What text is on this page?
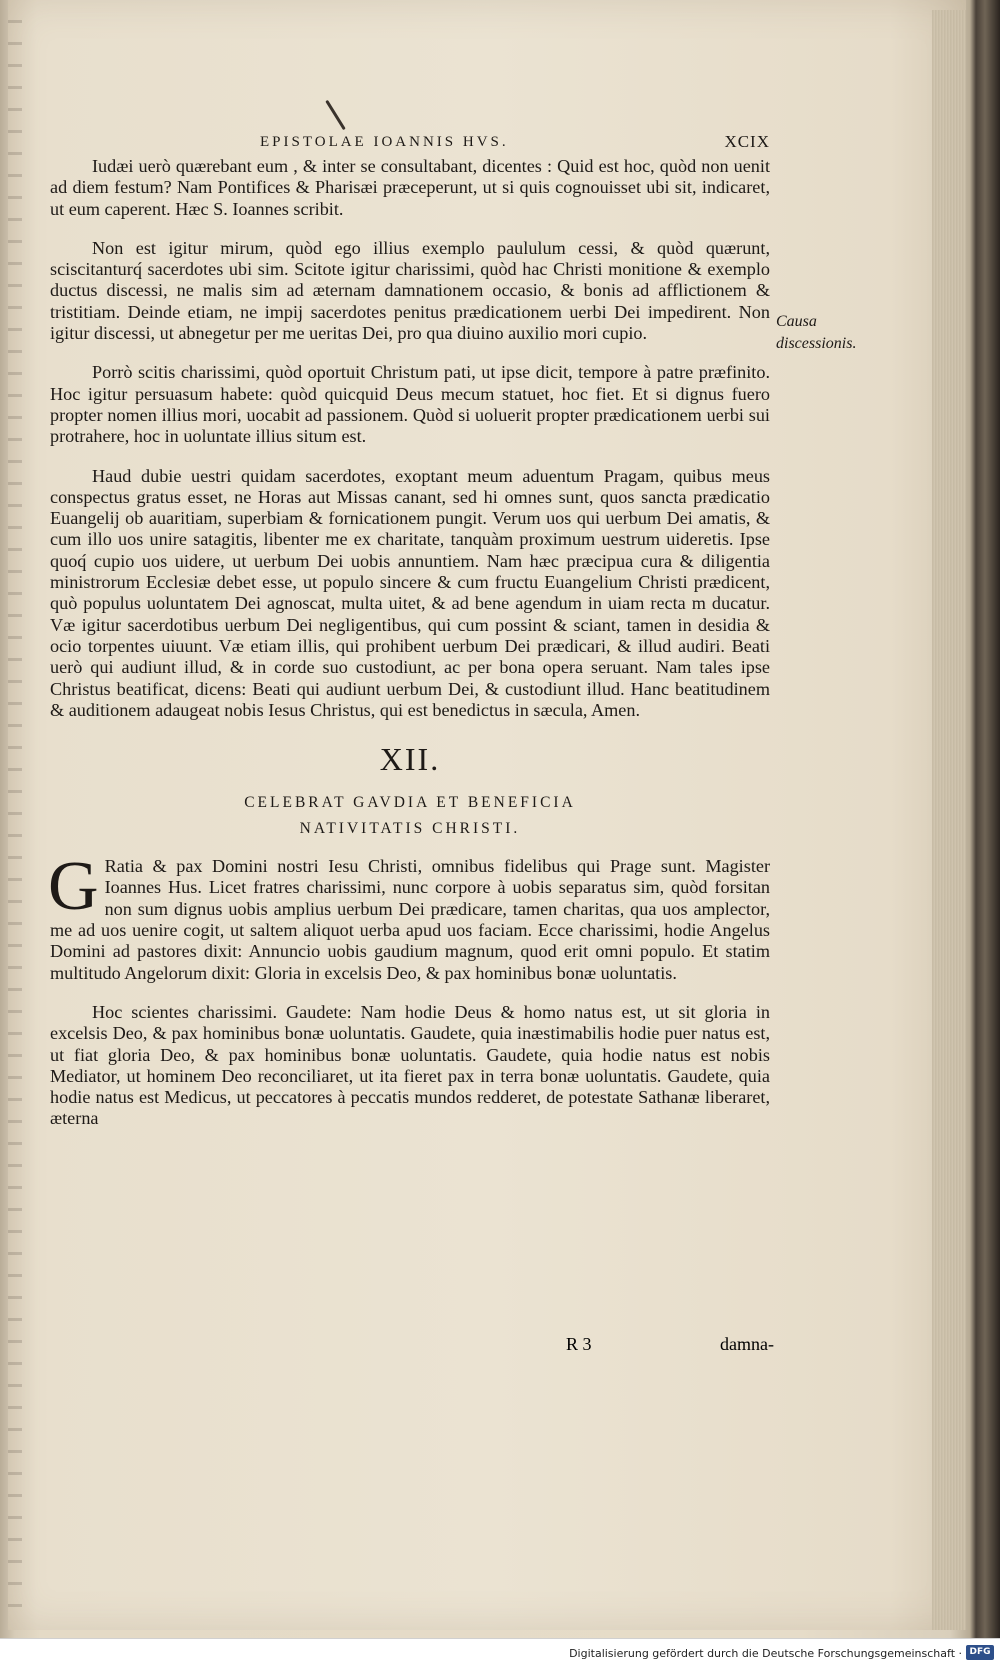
EPISTOLAE IOANNIS HVS.	XCIX

Iudæi uerò quærebant eum , & inter se consultabant, dicentes : Quid est hoc, quòd non uenit ad diem festum? Nam Pontifices & Pharisæi præceperunt, ut si quis cognouisset ubi sit, indicaret, ut eum caperent. Hæc S. Ioannes scribit.

Non est igitur mirum, quòd ego illius exemplo paululum cessi, & quòd quærunt, sciscitanturq́ sacerdotes ubi sim. Scitote igitur charissimi, quòd hac Christi monitione & exemplo ductus discessi, ne malis sim ad æternam damnationem occasio, & bonis ad afflictionem & tristitiam. Deinde etiam, ne impij sacerdotes penitus prædicationem uerbi Dei impedirent. Non igitur discessi, ut abnegetur per me ueritas Dei, pro qua diuino auxilio mori cupio.

Porrò scitis charissimi, quòd oportuit Christum pati, ut ipse dicit, tempore à patre præfinito. Hoc igitur persuasum habete: quòd quicquid Deus mecum statuet, hoc fiet. Et si dignus fuero propter nomen illius mori, uocabit ad passionem. Quòd si uoluerit propter prædicationem uerbi sui protrahere, hoc in uoluntate illius situm est.

Haud dubie uestri quidam sacerdotes, exoptant meum aduentum Pragam, quibus meus conspectus gratus esset, ne Horas aut Missas canant, sed hi omnes sunt, quos sancta prædicatio Euangelij ob auaritiam, superbiam & fornicationem pungit. Verum uos qui uerbum Dei amatis, & cum illo uos unire satagitis, libenter me ex charitate, tanquàm proximum uestrum uideretis. Ipse quoq́ cupio uos uidere, ut uerbum Dei uobis annuntiem. Nam hæc præcipua cura & diligentia ministrorum Ecclesiæ debet esse, ut populo sincere & cum fructu Euangelium Christi prædicent, quò populus uoluntatem Dei agnoscat, multa uitet, & ad bene agendum in uiam recta m ducatur. Væ igitur sacerdotibus uerbum Dei negligentibus, qui cum possint & sciant, tamen in desidia & ocio torpentes uiuunt. Væ etiam illis, qui prohibent uerbum Dei prædicari, & illud audiri. Beati uerò qui audiunt illud, & in corde suo custodiunt, ac per bona opera seruant. Nam tales ipse Christus beatificat, dicens: Beati qui audiunt uerbum Dei, & custodiunt illud. Hanc beatitudinem & auditionem adaugeat nobis Iesus Christus, qui est benedictus in sæcula, Amen.

XII.
CELEBRAT GAVDIA ET BENEFICIA
NATIVITATIS CHRISTI.

G Ratia & pax Domini nostri Iesu Christi, omnibus fidelibus qui Prage sunt. Magister Ioannes Hus. Licet fratres charissimi, nunc corpore à uobis separatus sim, quòd forsitan non sum dignus uobis amplius uerbum Dei prædicare, tamen charitas, qua uos amplector, me ad uos uenire cogit, ut saltem aliquot uerba apud uos faciam. Ecce charissimi, hodie Angelus Domini ad pastores dixit: Annuncio uobis gaudium magnum, quod erit omni populo. Et statim multitudo Angelorum dixit: Gloria in excelsis Deo, & pax hominibus bonæ uoluntatis.

Hoc scientes charissimi. Gaudete: Nam hodie Deus & homo natus est, ut sit gloria in excelsis Deo, & pax hominibus bonæ uoluntatis. Gaudete, quia inæstimabilis hodie puer natus est, ut fiat gloria Deo, & pax hominibus bonæ uoluntatis. Gaudete, quia hodie natus est nobis Mediator, ut hominem Deo reconciliaret, ut ita fieret pax in terra bonæ uoluntatis. Gaudete, quia hodie natus est Medicus, ut peccatores à peccatis mundos redderet, de potestate Sathanæ liberaret, æterna

Causa discessionis.
R 3	damna-
Digitalisierung gefördert durch die Deutsche Forschungsgemeinschaft · DFG
